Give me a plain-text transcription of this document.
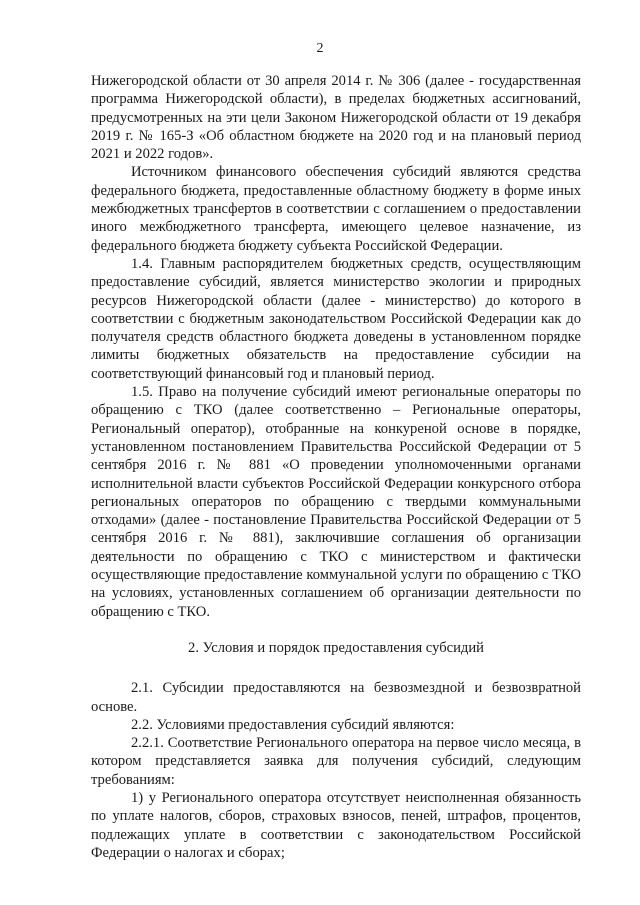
2

Нижегородской области от 30 апреля 2014 г. № 306 (далее - государственная программа Нижегородской области), в пределах бюджетных ассигнований, предусмотренных на эти цели Законом Нижегородской области от 19 декабря 2019 г. № 165-З «Об областном бюджете на 2020 год и на плановый период 2021 и 2022 годов».

Источником финансового обеспечения субсидий являются средства федерального бюджета, предоставленные областному бюджету в форме иных межбюджетных трансфертов в соответствии с соглашением о предоставлении иного межбюджетного трансферта, имеющего целевое назначение, из федерального бюджета бюджету субъекта Российской Федерации.

1.4. Главным распорядителем бюджетных средств, осуществляющим предоставление субсидий, является министерство экологии и природных ресурсов Нижегородской области (далее - министерство) до которого в соответствии с бюджетным законодательством Российской Федерации как до получателя средств областного бюджета доведены в установленном порядке лимиты бюджетных обязательств на предоставление субсидии на соответствующий финансовый год и плановый период.

1.5. Право на получение субсидий имеют региональные операторы по обращению с ТКО (далее соответственно – Региональные операторы, Региональный оператор), отобранные на конкуреной основе в порядке, установленном постановлением Правительства Российской Федерации от 5 сентября 2016 г. № 881 «О проведении уполномоченными органами исполнительной власти субъектов Российской Федерации конкурсного отбора региональных операторов по обращению с твердыми коммунальными отходами» (далее - постановление Правительства Российской Федерации от 5 сентября 2016 г. № 881), заключившие соглашения об организации деятельности по обращению с ТКО с министерством и фактически осуществляющие предоставление коммунальной услуги по обращению с ТКО на условиях, установленных соглашением об организации деятельности по обращению с ТКО.

2. Условия и порядок предоставления субсидий

2.1. Субсидии предоставляются на безвозмездной и безвозвратной основе.

2.2. Условиями предоставления субсидий являются:

2.2.1. Соответствие Регионального оператора на первое число месяца, в котором представляется заявка для получения субсидий, следующим требованиям:

1) у Регионального оператора отсутствует неисполненная обязанность по уплате налогов, сборов, страховых взносов, пеней, штрафов, процентов, подлежащих уплате в соответствии с законодательством Российской Федерации о налогах и сборах;
